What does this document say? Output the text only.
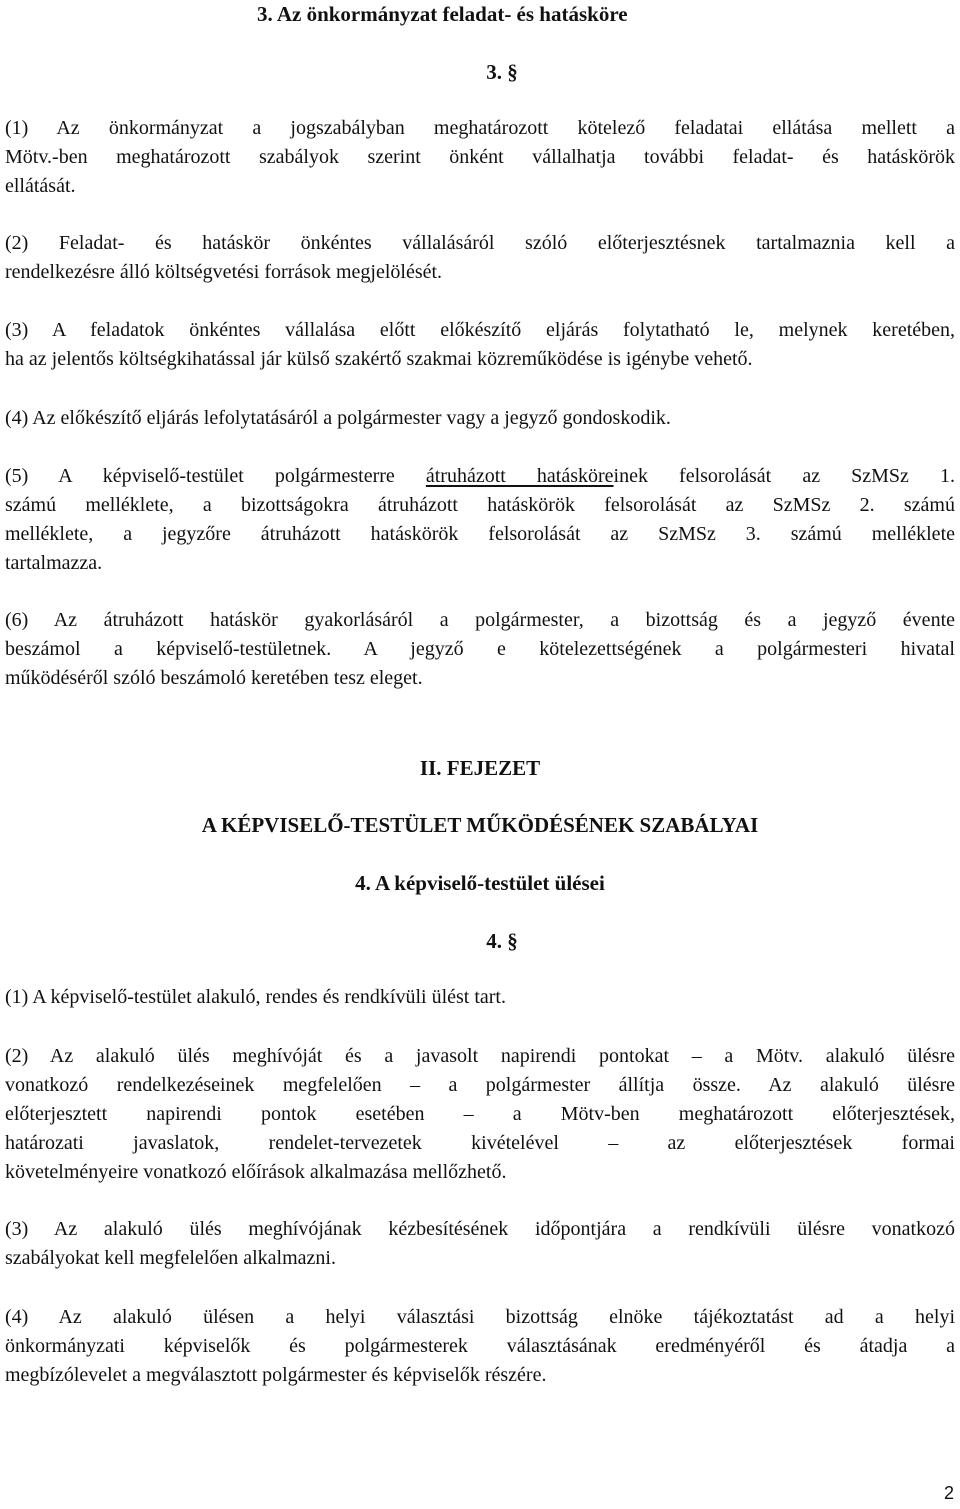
3. Az önkormányzat feladat- és hatásköre
3. §

(1) Az önkormányzat a jogszabályban meghatározott kötelező feladatai ellátása mellett a
Mötv.-ben meghatározott szabályok szerint önként vállalhatja további feladat- és hatáskörök
ellátását.

(2) Feladat- és hatáskör önkéntes vállalásáról szóló előterjesztésnek tartalmaznia kell a
rendelkezésre álló költségvetési források megjelölését.

(3) A feladatok önkéntes vállalása előtt előkészítő eljárás folytatható le, melynek keretében,
ha az jelentős költségkihatással jár külső szakértő szakmai közreműködése is igénybe vehető.

(4) Az előkészítő eljárás lefolytatásáról a polgármester vagy a jegyző gondoskodik.

(5) A képviselő-testület polgármesterre átruházott hatásköreinek felsorolását az SzMSz 1.
számú melléklete, a bizottságokra átruházott hatáskörök felsorolását az SzMSz 2. számú
melléklete, a jegyzőre átruházott hatáskörök felsorolását az SzMSz 3. számú melléklete
tartalmazza.

(6) Az átruházott hatáskör gyakorlásáról a polgármester, a bizottság és a jegyző évente
beszámol a képviselő-testületnek. A jegyző e kötelezettségének a polgármesteri hivatal
működéséről szóló beszámoló keretében tesz eleget.

II. FEJEZET
A KÉPVISELŐ-TESTÜLET MŰKÖDÉSÉNEK SZABÁLYAI
4. A képviselő-testület ülései
4. §

(1) A képviselő-testület alakuló, rendes és rendkívüli ülést tart.

(2) Az alakuló ülés meghívóját és a javasolt napirendi pontokat – a Mötv. alakuló ülésre
vonatkozó rendelkezéseinek megfelelően – a polgármester állítja össze. Az alakuló ülésre
előterjesztett napirendi pontok esetében – a Mötv-ben meghatározott előterjesztések,
határozati javaslatok, rendelet-tervezetek kivételével – az előterjesztések formai
követelményeire vonatkozó előírások alkalmazása mellőzhető.

(3) Az alakuló ülés meghívójának kézbesítésének időpontjára a rendkívüli ülésre vonatkozó
szabályokat kell megfelelően alkalmazni.

(4) Az alakuló ülésen a helyi választási bizottság elnöke tájékoztatást ad a helyi
önkormányzati képviselők és polgármesterek választásának eredményéről és átadja a
megbízólevelet a megválasztott polgármester és képviselők részére.

2
